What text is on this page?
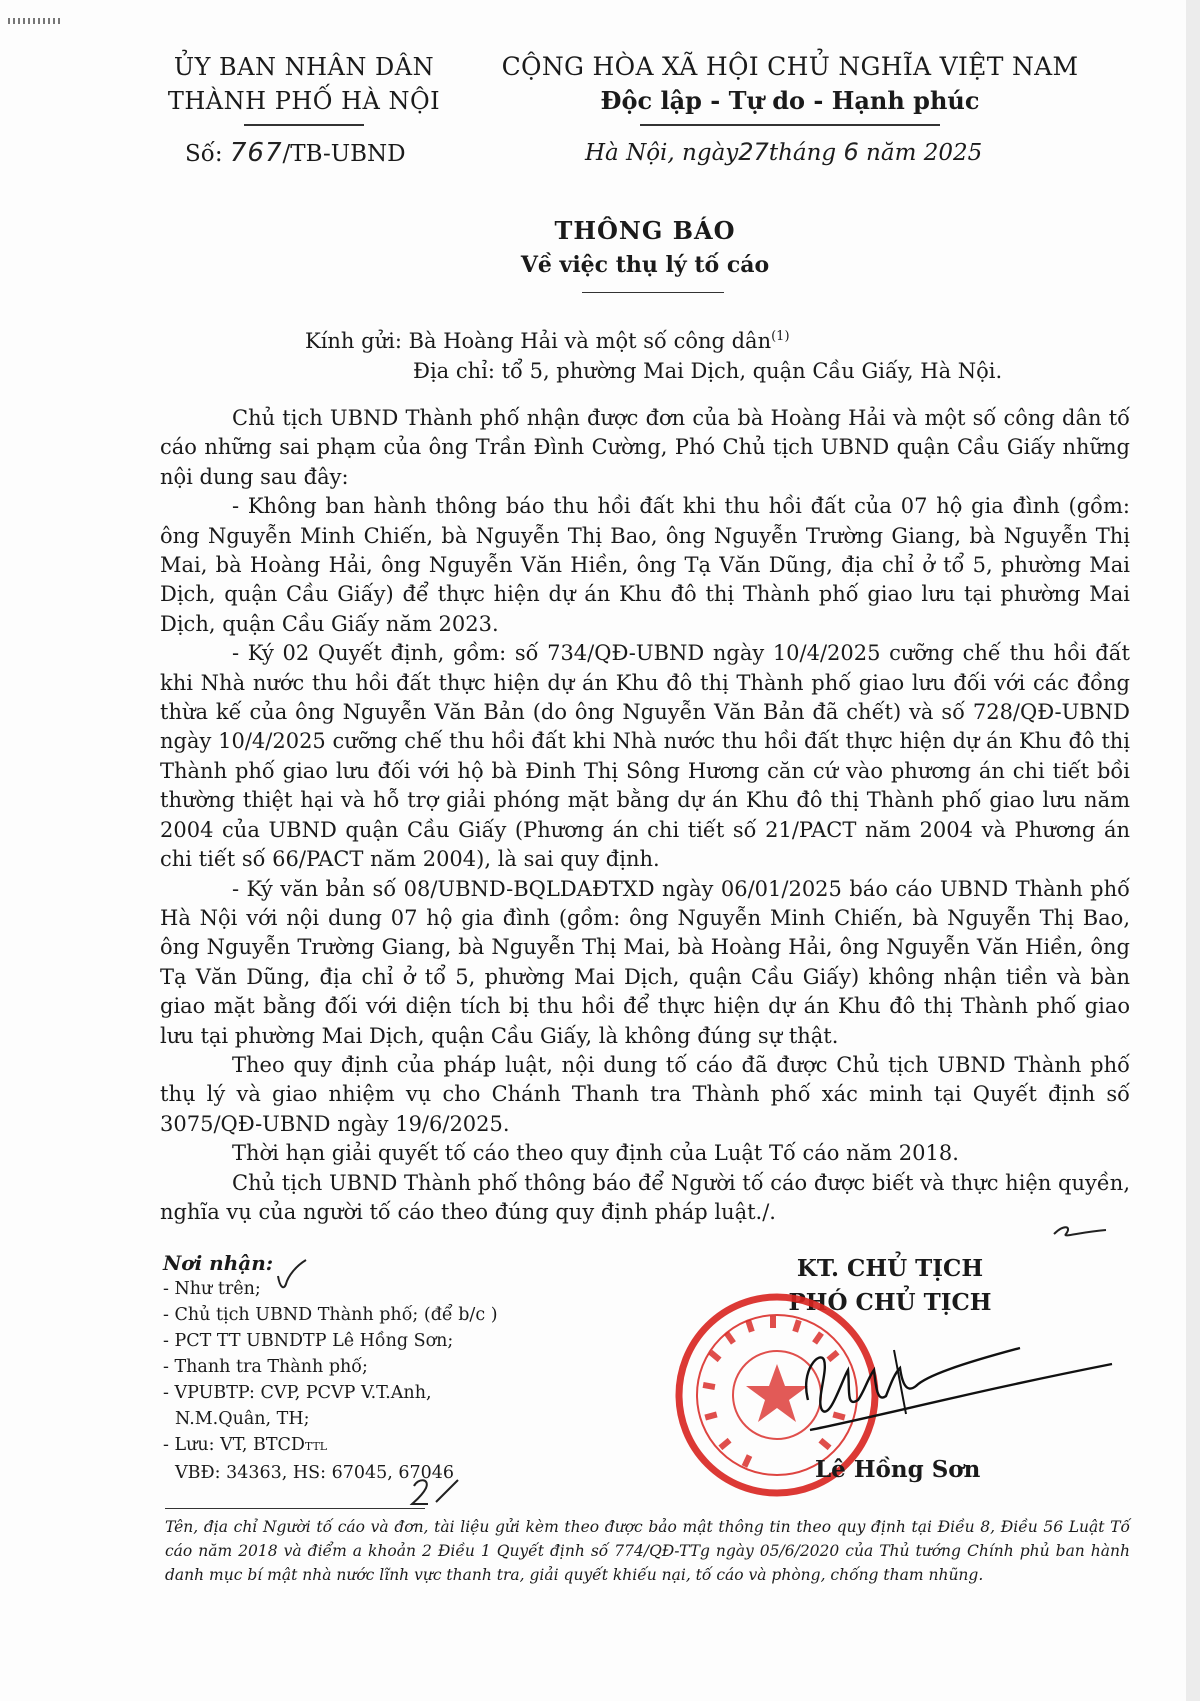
ỦY BAN NHÂN DÂN
THÀNH PHỐ HÀ NỘI
CỘNG HÒA XÃ HỘI CHỦ NGHĨA VIỆT NAM
Độc lập - Tự do - Hạnh phúc
Số: 767/TB-UBND	Hà Nội, ngày27tháng 6 năm 2025
THÔNG BÁO
Về việc thụ lý tố cáo
Kính gửi: Bà Hoàng Hải và một số công dân$^{(1)}$
Địa chỉ: tổ 5, phường Mai Dịch, quận Cầu Giấy, Hà Nội.

Chủ tịch UBND Thành phố nhận được đơn của bà Hoàng Hải và một số công dân tố cáo những sai phạm của ông Trần Đình Cường, Phó Chủ tịch UBND quận Cầu Giấy những nội dung sau đây:

- Không ban hành thông báo thu hồi đất khi thu hồi đất của 07 hộ gia đình (gồm: ông Nguyễn Minh Chiến, bà Nguyễn Thị Bao, ông Nguyễn Trường Giang, bà Nguyễn Thị Mai, bà Hoàng Hải, ông Nguyễn Văn Hiền, ông Tạ Văn Dũng, địa chỉ ở tổ 5, phường Mai Dịch, quận Cầu Giấy) để thực hiện dự án Khu đô thị Thành phố giao lưu tại phường Mai Dịch, quận Cầu Giấy năm 2023.

- Ký 02 Quyết định, gồm: số 734/QĐ-UBND ngày 10/4/2025 cưỡng chế thu hồi đất khi Nhà nước thu hồi đất thực hiện dự án Khu đô thị Thành phố giao lưu đối với các đồng thừa kế của ông Nguyễn Văn Bản (do ông Nguyễn Văn Bản đã chết) và số 728/QĐ-UBND ngày 10/4/2025 cưỡng chế thu hồi đất khi Nhà nước thu hồi đất thực hiện dự án Khu đô thị Thành phố giao lưu đối với hộ bà Đinh Thị Sông Hương căn cứ vào phương án chi tiết bồi thường thiệt hại và hỗ trợ giải phóng mặt bằng dự án Khu đô thị Thành phố giao lưu năm 2004 của UBND quận Cầu Giấy (Phương án chi tiết số 21/PACT năm 2004 và Phương án chi tiết số 66/PACT năm 2004), là sai quy định.

- Ký văn bản số 08/UBND-BQLDAĐTXD ngày 06/01/2025 báo cáo UBND Thành phố Hà Nội với nội dung 07 hộ gia đình (gồm: ông Nguyễn Minh Chiến, bà Nguyễn Thị Bao, ông Nguyễn Trường Giang, bà Nguyễn Thị Mai, bà Hoàng Hải, ông Nguyễn Văn Hiền, ông Tạ Văn Dũng, địa chỉ ở tổ 5, phường Mai Dịch, quận Cầu Giấy) không nhận tiền và bàn giao mặt bằng đối với diện tích bị thu hồi để thực hiện dự án Khu đô thị Thành phố giao lưu tại phường Mai Dịch, quận Cầu Giấy, là không đúng sự thật.

Theo quy định của pháp luật, nội dung tố cáo đã được Chủ tịch UBND Thành phố thụ lý và giao nhiệm vụ cho Chánh Thanh tra Thành phố xác minh tại Quyết định số 3075/QĐ-UBND ngày 19/6/2025.

Thời hạn giải quyết tố cáo theo quy định của Luật Tố cáo năm 2018.

Chủ tịch UBND Thành phố thông báo để Người tố cáo được biết và thực hiện quyền, nghĩa vụ của người tố cáo theo đúng quy định pháp luật./.

Nơi nhận:
- Như trên;
- Chủ tịch UBND Thành phố; (để b/c )
- PCT TT UBNDTP Lê Hồng Sơn;
- Thanh tra Thành phố;
- VPUBTP: CVP, PCVP V.T.Anh,
N.M.Quân, TH;
- Lưu: VT, BTCDTTL
VBĐ: 34363, HS: 67045, 67046
KT. CHỦ TỊCH
PHÓ CHỦ TỊCH
Lê Hồng Sơn
Tên, địa chỉ Người tố cáo và đơn, tài liệu gửi kèm theo được bảo mật thông tin theo quy định tại Điều 8, Điều 56 Luật Tố cáo năm 2018 và điểm a khoản 2 Điều 1 Quyết định số 774/QĐ-TTg ngày 05/6/2020 của Thủ tướng Chính phủ ban hành danh mục bí mật nhà nước lĩnh vực thanh tra, giải quyết khiếu nại, tố cáo và phòng, chống tham nhũng.
